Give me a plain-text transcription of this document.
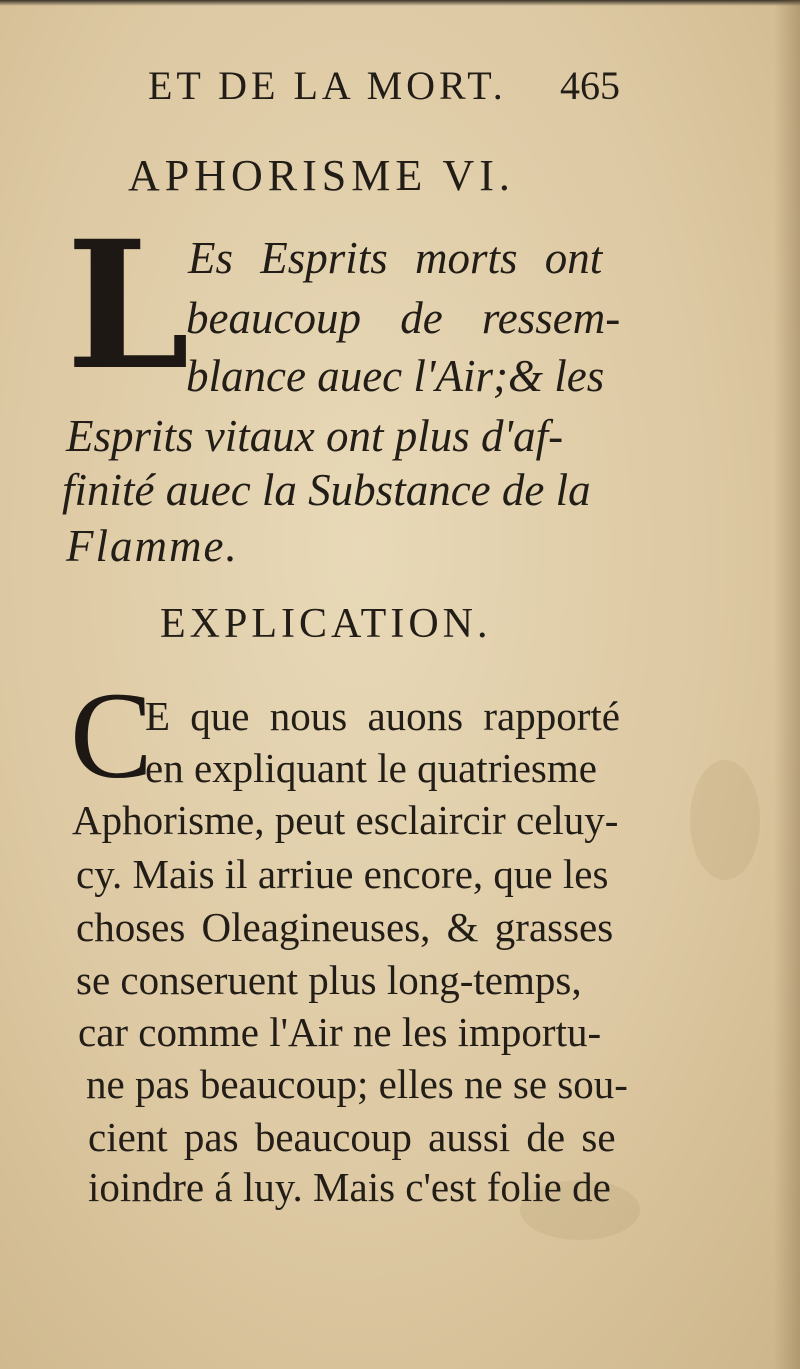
ET DE LA MORT. 465
APHORISME VI.
L
Es Esprits morts ont
beaucoup de ressem-
blance auec l'Air;& les
Esprits vitaux ont plus d'af-
finité auec la Substance de la
Flamme.
EXPLICATION.
C
E que nous auons rapporté
en expliquant le quatriesme
Aphorisme, peut esclaircir celuy-
cy. Mais il arriue encore, que les
choses Oleagineuses, & grasses
se conseruent plus long-temps,
car comme l'Air ne les importu-
ne pas beaucoup; elles ne se sou-
cient pas beaucoup aussi de se
ioindre á luy. Mais c'est folie de
